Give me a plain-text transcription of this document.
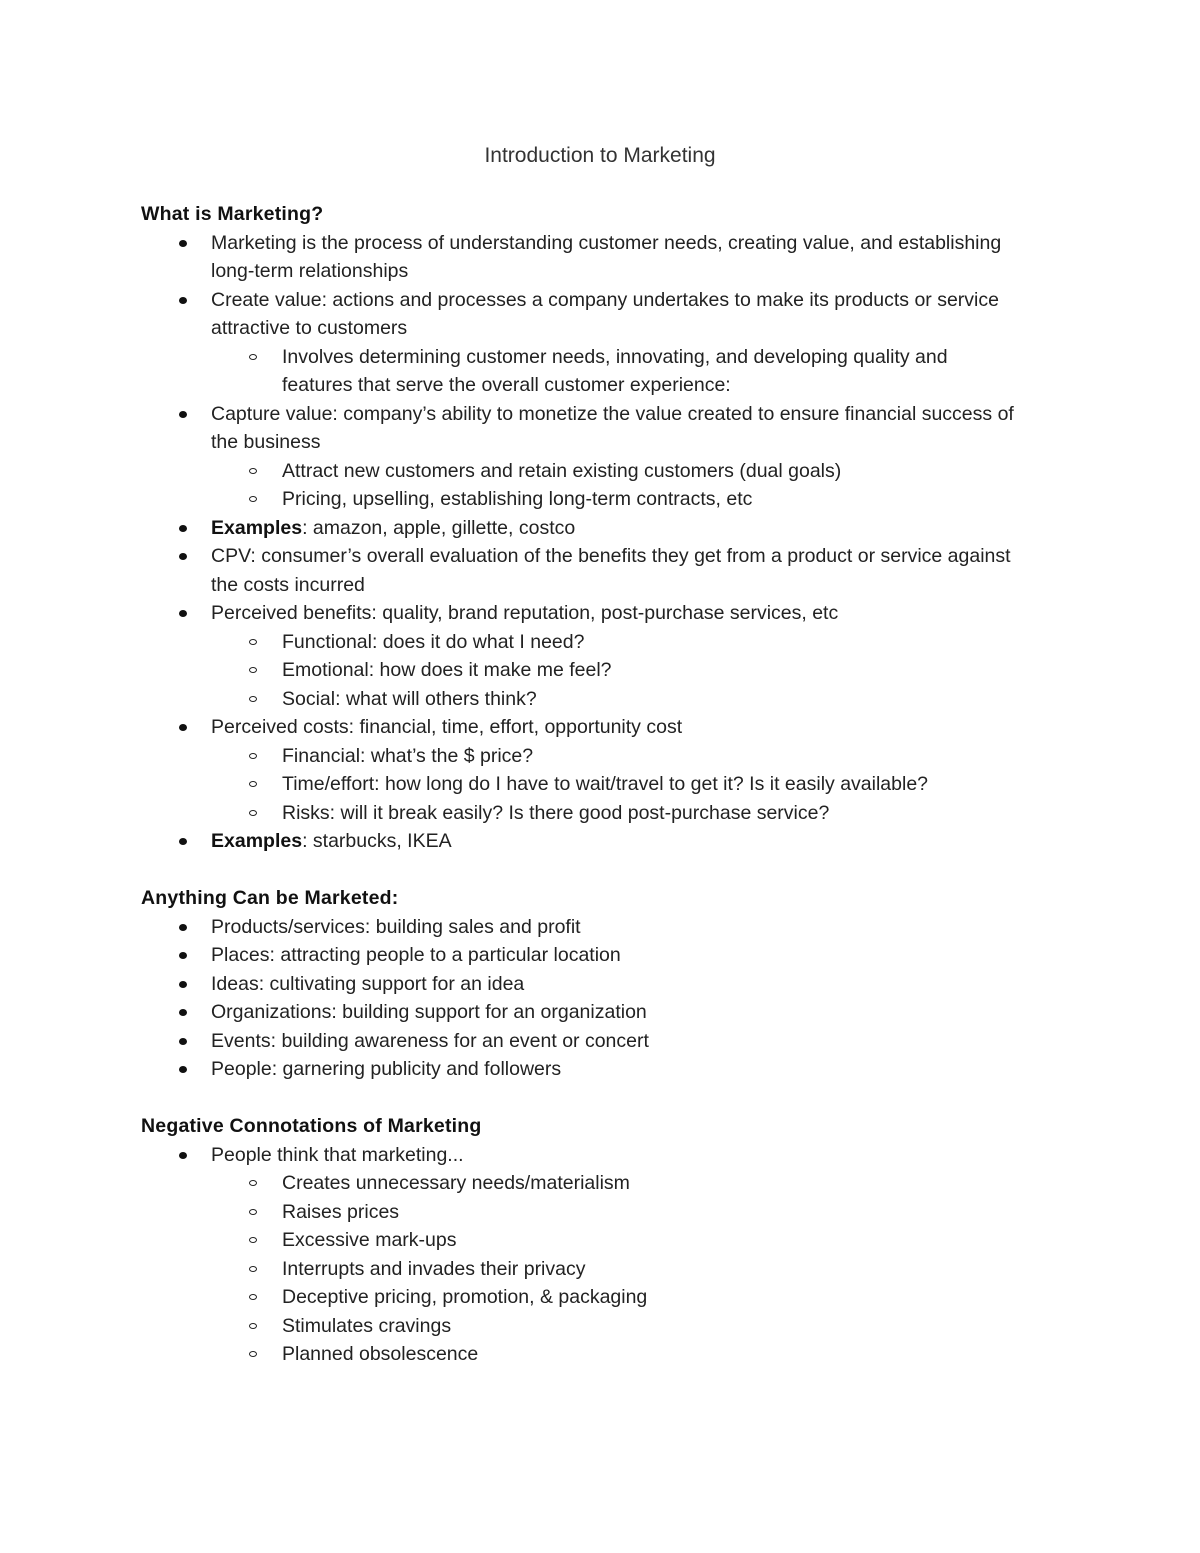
Introduction to Marketing
What is Marketing?
Marketing is the process of understanding customer needs, creating value, and establishing long-term relationships
Create value: actions and processes a company undertakes to make its products or service attractive to customers
Involves determining customer needs, innovating, and developing quality and features that serve the overall customer experience:
Capture value: company’s ability to monetize the value created to ensure financial success of the business
Attract new customers and retain existing customers (dual goals)
Pricing, upselling, establishing long-term contracts, etc
Examples: amazon, apple, gillette, costco
CPV: consumer’s overall evaluation of the benefits they get from a product or service against the costs incurred
Perceived benefits: quality, brand reputation, post-purchase services, etc
Functional: does it do what I need?
Emotional: how does it make me feel?
Social: what will others think?
Perceived costs: financial, time, effort, opportunity cost
Financial: what’s the $ price?
Time/effort: how long do I have to wait/travel to get it? Is it easily available?
Risks: will it break easily? Is there good post-purchase service?
Examples: starbucks, IKEA
Anything Can be Marketed:
Products/services: building sales and profit
Places: attracting people to a particular location
Ideas: cultivating support for an idea
Organizations: building support for an organization
Events: building awareness for an event or concert
People: garnering publicity and followers
Negative Connotations of Marketing
People think that marketing...
Creates unnecessary needs/materialism
Raises prices
Excessive mark-ups
Interrupts and invades their privacy
Deceptive pricing, promotion, & packaging
Stimulates cravings
Planned obsolescence
